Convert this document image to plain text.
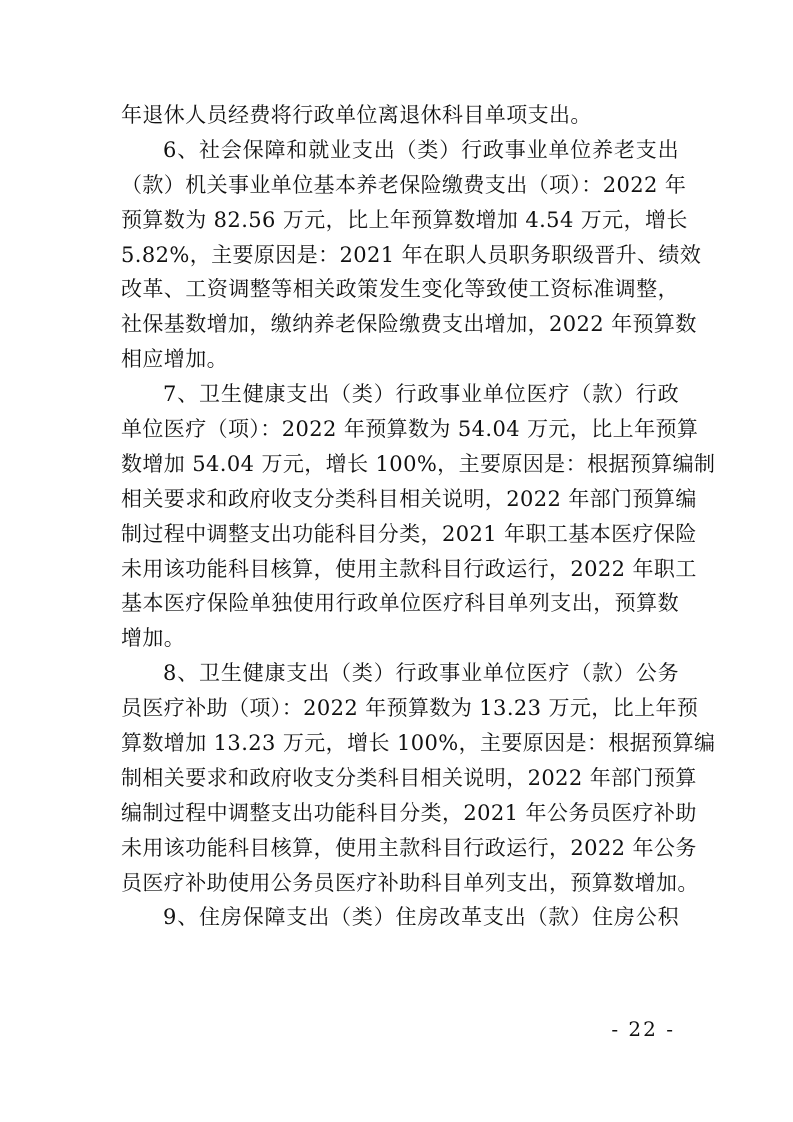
年退休人员经费将行政单位离退休科目单项支出。
6、社会保障和就业支出（类）行政事业单位养老支出
（款）机关事业单位基本养老保险缴费支出（项）：2022 年
预算数为 82.56 万元，比上年预算数增加 4.54 万元，增长
5.82%，主要原因是：2021 年在职人员职务职级晋升、绩效
改革、工资调整等相关政策发生变化等致使工资标准调整，
社保基数增加，缴纳养老保险缴费支出增加，2022 年预算数
相应增加。
7、卫生健康支出（类）行政事业单位医疗（款）行政
单位医疗（项）：2022 年预算数为 54.04 万元，比上年预算
数增加 54.04 万元，增长 100%，主要原因是：根据预算编制
相关要求和政府收支分类科目相关说明，2022 年部门预算编
制过程中调整支出功能科目分类，2021 年职工基本医疗保险
未用该功能科目核算，使用主款科目行政运行，2022 年职工
基本医疗保险单独使用行政单位医疗科目单列支出，预算数
增加。
8、卫生健康支出（类）行政事业单位医疗（款）公务
员医疗补助（项）：2022 年预算数为 13.23 万元，比上年预
算数增加 13.23 万元，增长 100%，主要原因是：根据预算编
制相关要求和政府收支分类科目相关说明，2022 年部门预算
编制过程中调整支出功能科目分类，2021 年公务员医疗补助
未用该功能科目核算，使用主款科目行政运行，2022 年公务
员医疗补助使用公务员医疗补助科目单列支出，预算数增加。
9、住房保障支出（类）住房改革支出（款）住房公积
- 22 -
